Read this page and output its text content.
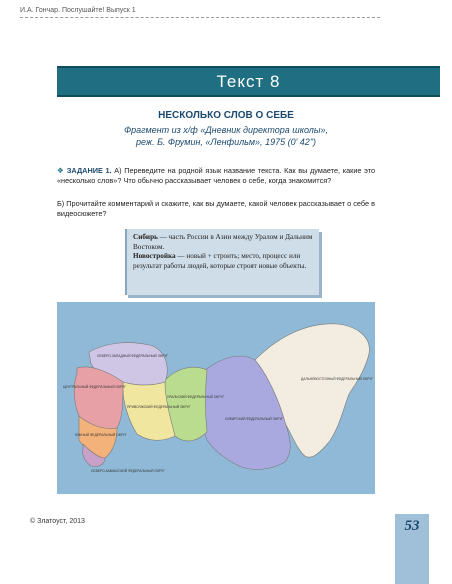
И.А. Гончар. Послушайте! Выпуск 1
Текст 8
НЕСКОЛЬКО СЛОВ О СЕБЕ
Фрагмент из х/ф «Дневник директора школы»,
реж. Б. Фрумин, «Ленфильм», 1975 (0' 42")
❖ ЗАДАНИЕ 1. А) Переведите на родной язык название текста. Как вы думаете, какие это «несколько слов»? Что обычно рассказывает человек о себе, когда знакомится?
Б) Прочитайте комментарий и скажите, как вы думаете, какой человек рассказывает о себе в видеосюжете?

Сибирь — часть России в Азии между Уралом и Дальним Востоком.

Новостройка — новый + строить; место, процесс или результат работы людей, которые строят новые объекты.

СЕВЕРО-ЗАПАДНЫЙ ФЕДЕРАЛЬНЫЙ ОКРУГ
ЦЕНТРАЛЬНЫЙ ФЕДЕРАЛЬНЫЙ ОКРУГ
ПРИВОЛЖСКИЙ ФЕДЕРАЛЬНЫЙ ОКРУГ
ЮЖНЫЙ ФЕДЕРАЛЬНЫЙ ОКРУГ
СЕВЕРО-КАВКАЗСКИЙ ФЕДЕРАЛЬНЫЙ ОКРУГ
УРАЛЬСКИЙ ФЕДЕРАЛЬНЫЙ ОКРУГ
СИБИРСКИЙ ФЕДЕРАЛЬНЫЙ ОКРУГ
ДАЛЬНЕВОСТОЧНЫЙ ФЕДЕРАЛЬНЫЙ ОКРУГ
© Златоуст, 2013	53
